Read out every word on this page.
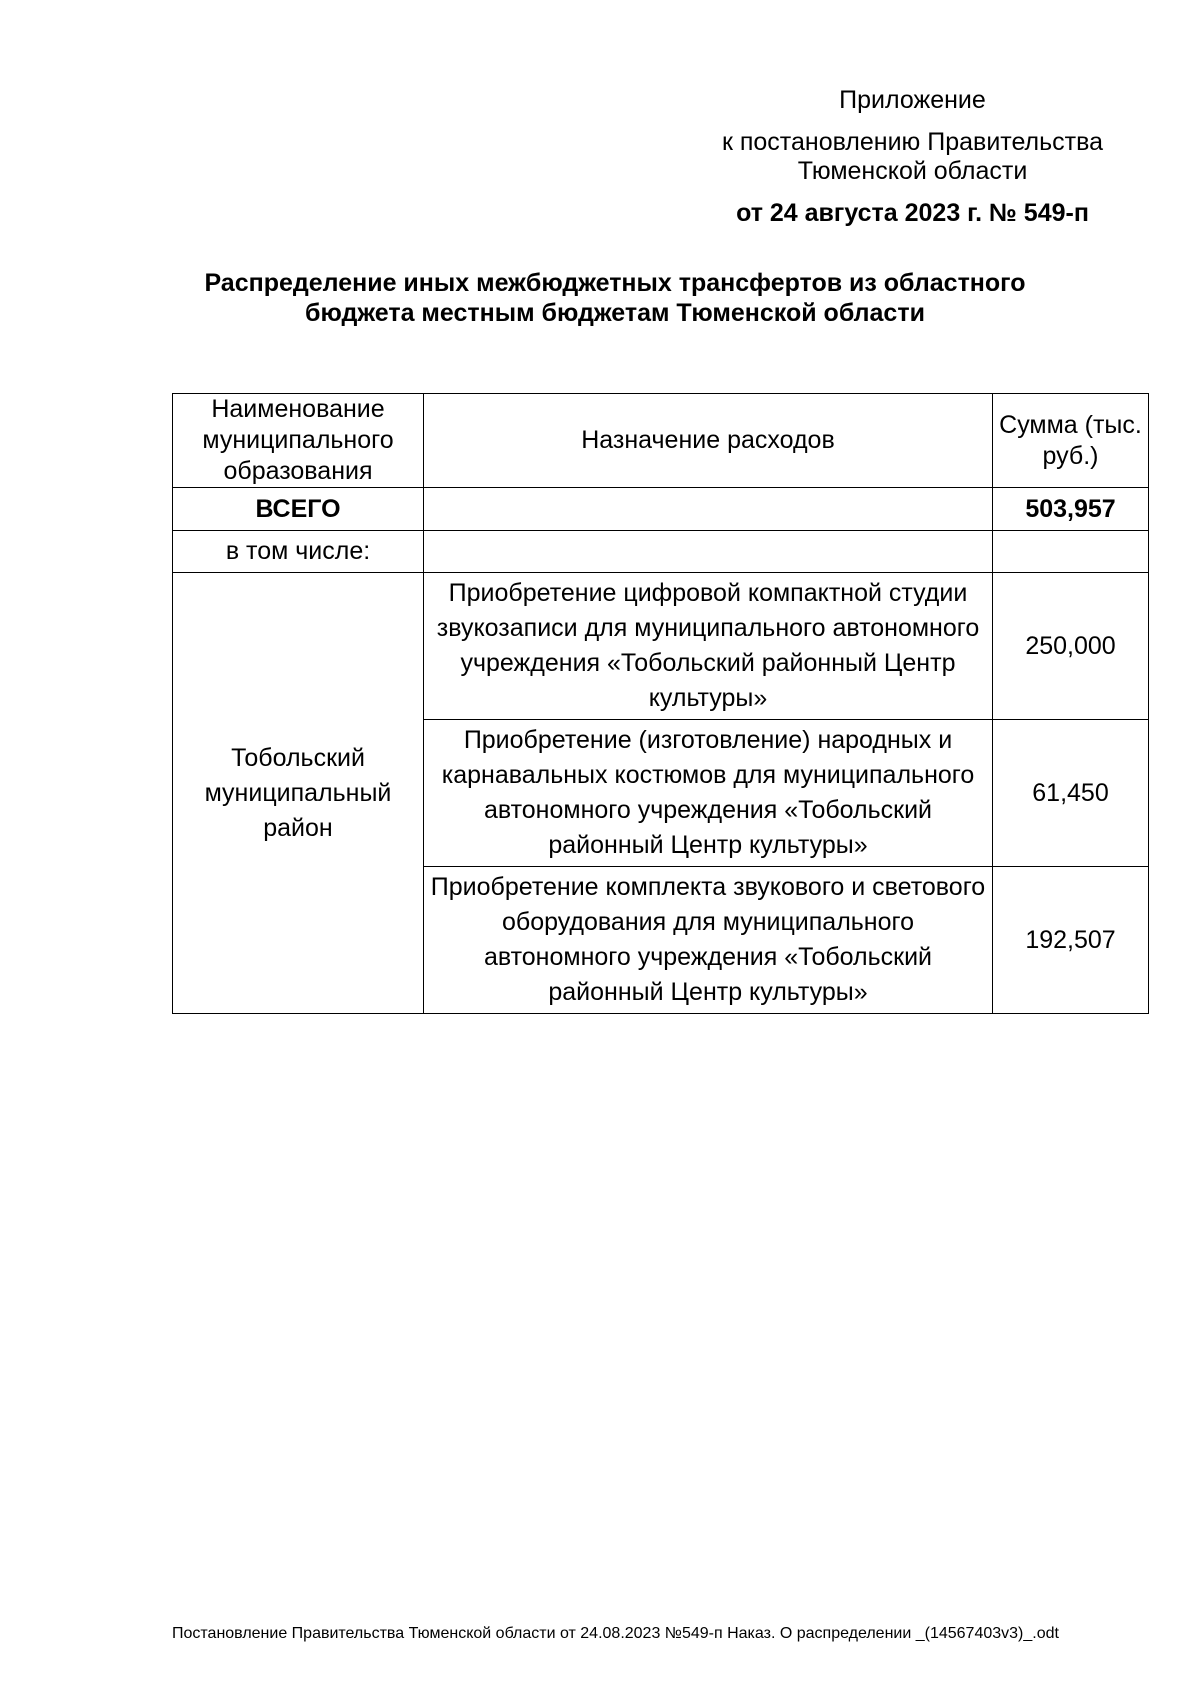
Приложение
к постановлению Правительства Тюменской области
от 24 августа 2023 г. № 549-п
Распределение иных межбюджетных трансфертов из областного
бюджета местным бюджетам Тюменской области
Наименование муниципального образования	Назначение расходов	Сумма (тыс. руб.)
ВСЕГО		503,957
в том числе:		
Тобольский муниципальный район	Приобретение цифровой компактной студии звукозаписи для муниципального автономного учреждения «Тобольский районный Центр культуры»	250,000
	Приобретение (изготовление) народных и карнавальных костюмов для муниципального автономного учреждения «Тобольский районный Центр культуры»	61,450
	Приобретение комплекта звукового и светового оборудования для муниципального автономного учреждения «Тобольский районный Центр культуры»	192,507
Постановление Правительства Тюменской области от 24.08.2023 №549-п Наказ. О распределении _(14567403v3)_.odt
